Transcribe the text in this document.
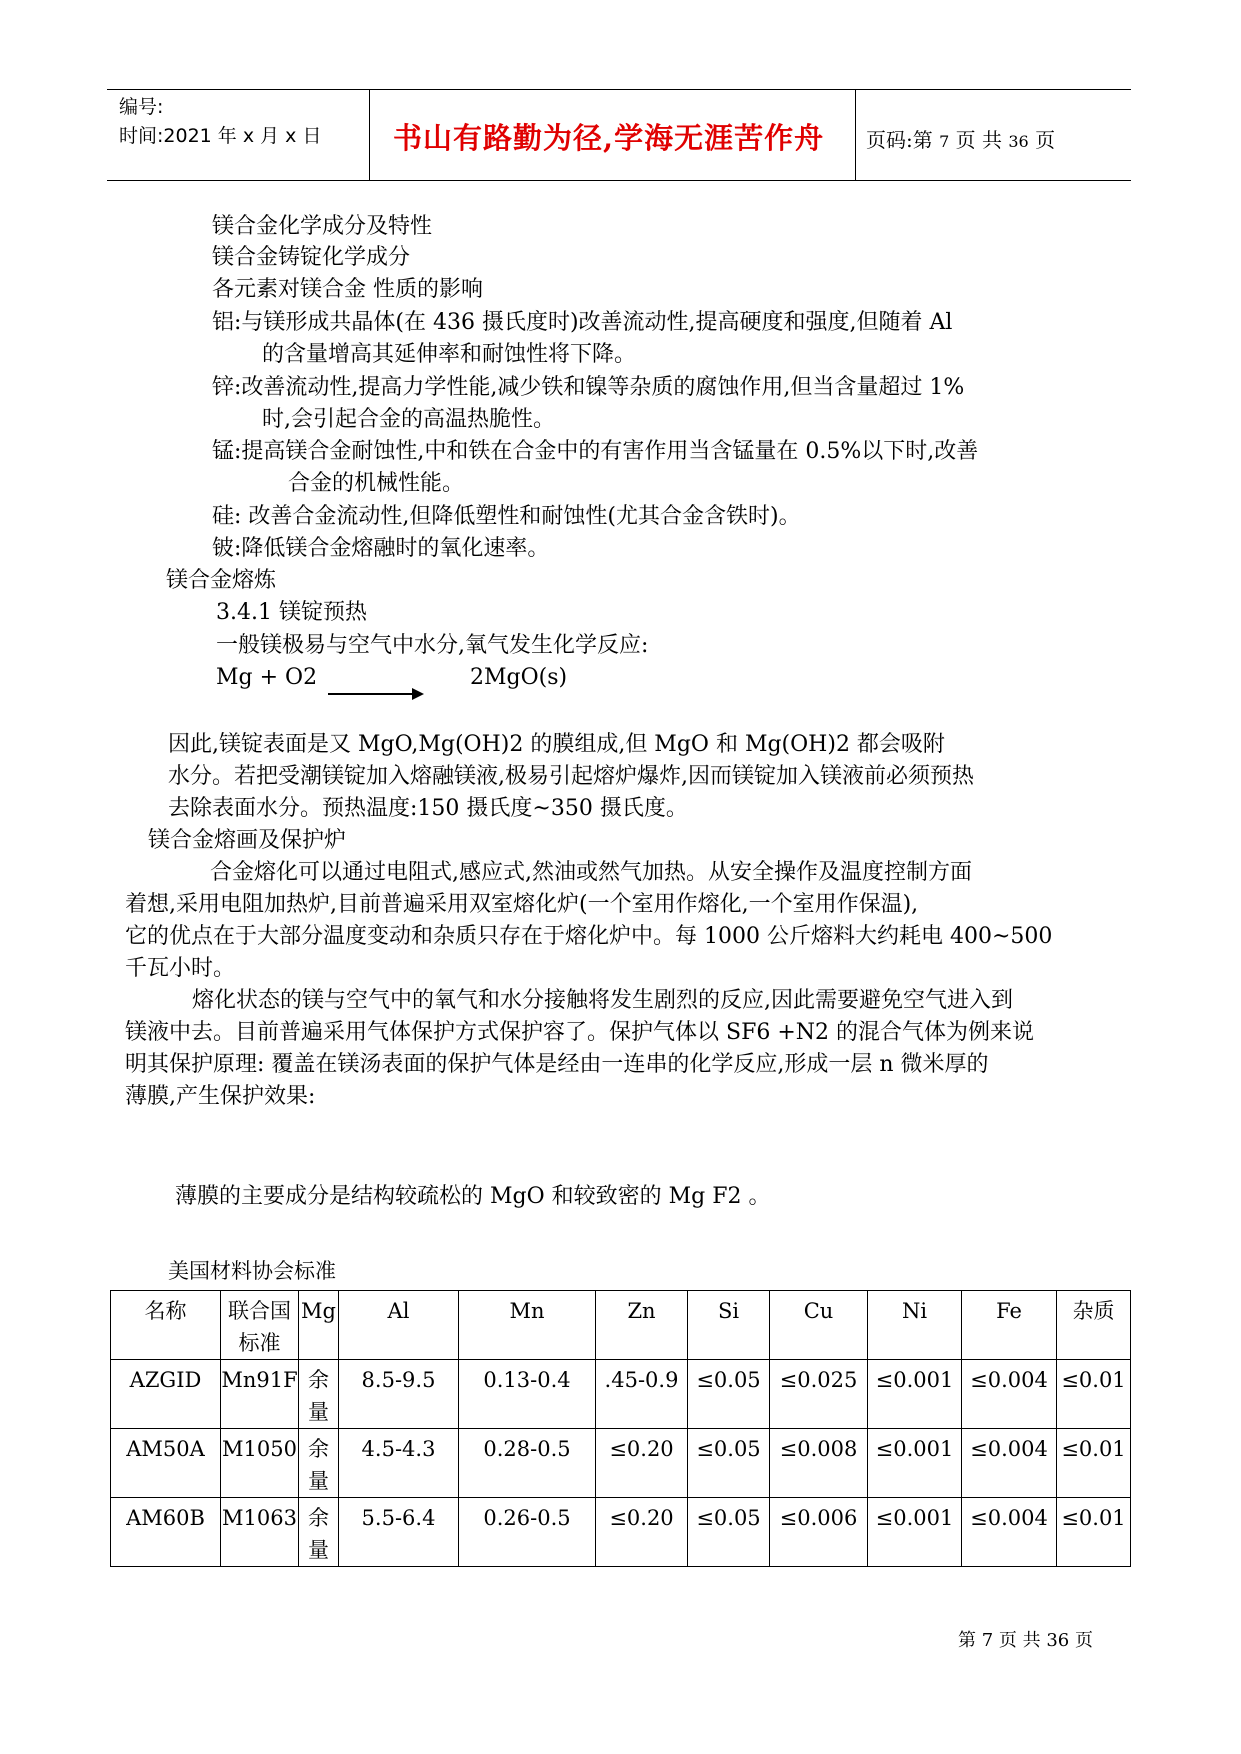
编号:
时间:2021 年 x 月 x 日 书山有路勤为径,学海无涯苦作舟 页码:第 7 页 共 36 页
镁合金化学成分及特性
镁合金铸锭化学成分
各元素对镁合金 性质的影响
铝:与镁形成共晶体(在 436 摄氏度时)改善流动性,提高硬度和强度,但随着 Al
的含量增高其延伸率和耐蚀性将下降。
锌:改善流动性,提高力学性能,减少铁和镍等杂质的腐蚀作用,但当含量超过 1%
时,会引起合金的高温热脆性。
锰:提高镁合金耐蚀性,中和铁在合金中的有害作用当含锰量在 0.5%以下时,改善
合金的机械性能。
硅: 改善合金流动性,但降低塑性和耐蚀性(尤其合金含铁时)。
铍:降低镁合金熔融时的氧化速率。
镁合金熔炼
3.4.1 镁锭预热
一般镁极易与空气中水分,氧气发生化学反应:
Mg + O2	2MgO(s)
因此,镁锭表面是又 MgO,Mg(OH)2 的膜组成,但 MgO 和 Mg(OH)2 都会吸附
水分。若把受潮镁锭加入熔融镁液,极易引起熔炉爆炸,因而镁锭加入镁液前必须预热
去除表面水分。预热温度:150 摄氏度~350 摄氏度。
镁合金熔画及保护炉
合金熔化可以通过电阻式,感应式,然油或然气加热。从安全操作及温度控制方面
着想,采用电阻加热炉,目前普遍采用双室熔化炉(一个室用作熔化,一个室用作保温),
它的优点在于大部分温度变动和杂质只存在于熔化炉中。每 1000 公斤熔料大约耗电 400~500
千瓦小时。
熔化状态的镁与空气中的氧气和水分接触将发生剧烈的反应,因此需要避免空气进入到
镁液中去。目前普遍采用气体保护方式保护容了。保护气体以 SF6 +N2 的混合气体为例来说
明其保护原理: 覆盖在镁汤表面的保护气体是经由一连串的化学反应,形成一层 n 微米厚的
薄膜,产生保护效果:
薄膜的主要成分是结构较疏松的 MgO 和较致密的 Mg F2 。
美国材料协会标准
名称	联合国标准	Mg	Al	Mn	Zn	Si	Cu	Ni	Fe	杂质
AZGID	Mn91F	余量	8.5-9.5	0.13-0.4	.45-0.9	≤0.05	≤0.025	≤0.001	≤0.004	≤0.01
AM50A	M1050	余量	4.5-4.3	0.28-0.5	≤0.20	≤0.05	≤0.008	≤0.001	≤0.004	≤0.01
AM60B	M1063	余量	5.5-6.4	0.26-0.5	≤0.20	≤0.05	≤0.006	≤0.001	≤0.004	≤0.01
第 7 页 共 36 页
